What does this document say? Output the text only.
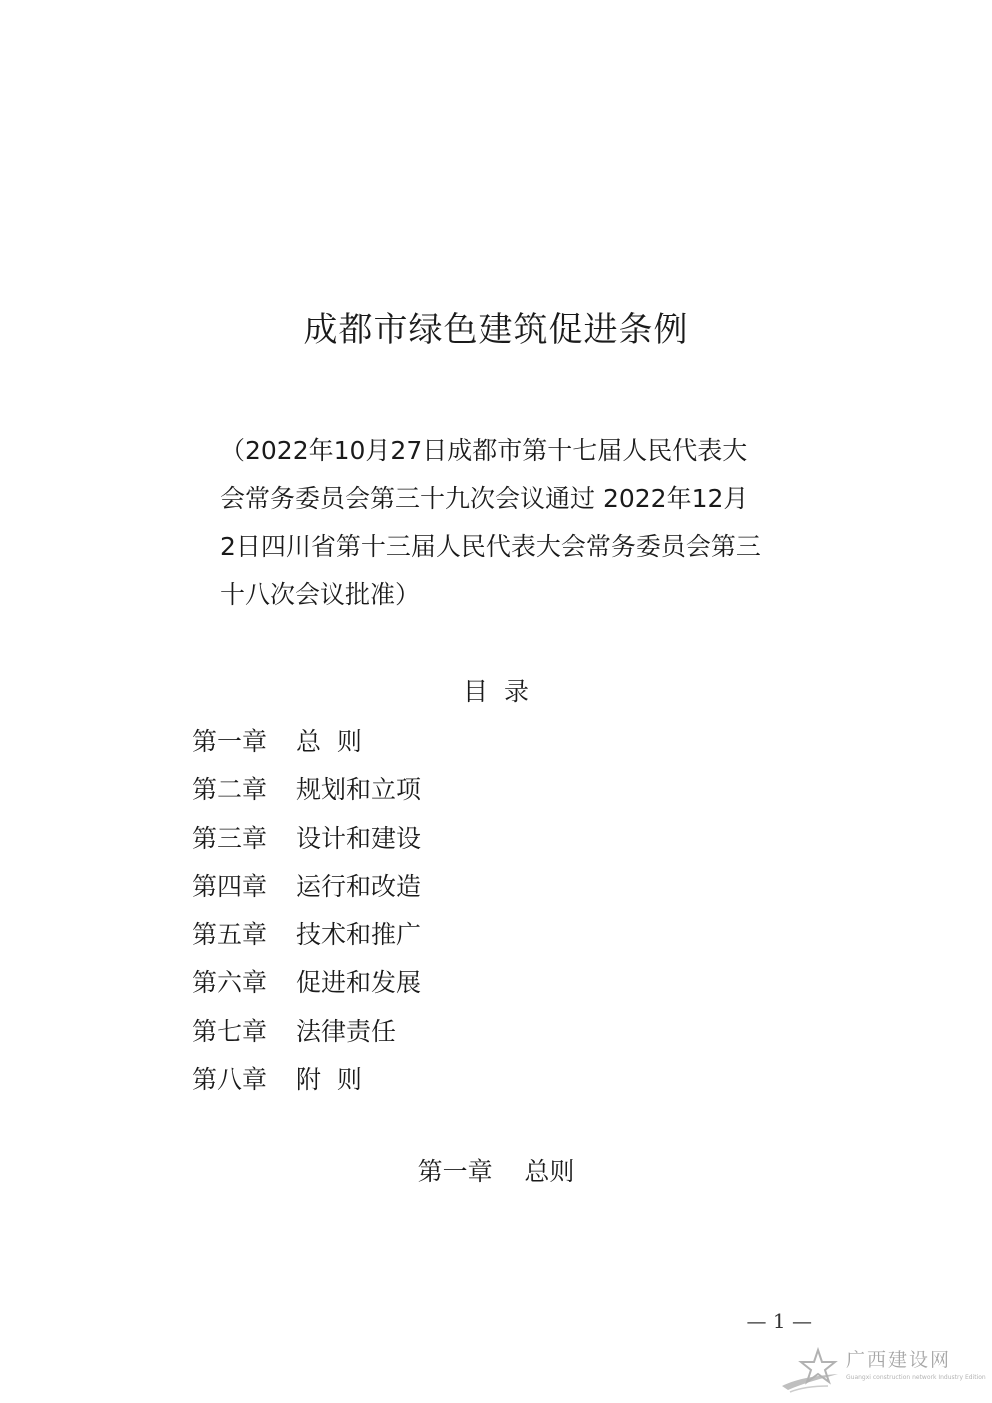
成都市绿色建筑促进条例
（2022年10月27日成都市第十七届人民代表大
会常务委员会第三十九次会议通过 2022年12月
2日四川省第十三届人民代表大会常务委员会第三
十八次会议批准）
目  录
第一章	总  则
第二章	规划和立项
第三章	设计和建设
第四章	运行和改造
第五章	技术和推广
第六章	促进和发展
第七章	法律责任
第八章	附  则
第一章    总则
— 1 —
广西建设网
Guangxi construction network Industry Edition
